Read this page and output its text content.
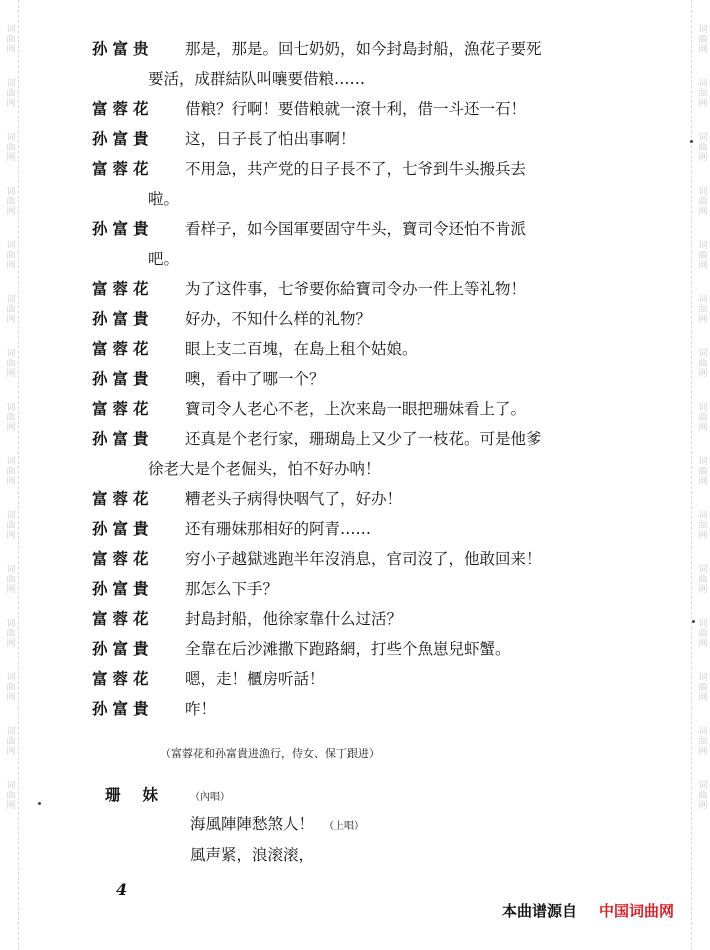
词曲网
词曲网
词曲网
词曲网
词曲网
词曲网
词曲网
词曲网
词曲网
词曲网
词曲网
词曲网
词曲网
词曲网
词曲网
词曲网
词曲网
词曲网
词曲网
词曲网
词曲网
词曲网
词曲网
词曲网
词曲网
词曲网
词曲网
词曲网
词曲网
词曲网
孙富贵	那是，那是。回七奶奶，如今封島封船，漁花子要死
要活，成群結队叫嚷要借粮……
富蓉花	借粮？行啊！要借粮就一滾十利，借一斗还一石！
孙富貴	这，日子長了怕出事啊！
富蓉花	不用急，共产党的日子長不了，七爷到牛头搬兵去
啦。
孙富貴	看样子，如今国軍要固守牛头，寶司令还怕不肯派
吧。
富蓉花	为了这件事，七爷要你給寶司令办一件上等礼物！
孙富貴	好办，不知什么样的礼物？
富蓉花	眼上支二百塊，在島上租个姑娘。
孙富貴	噢，看中了哪一个？
富蓉花	寶司令人老心不老，上次来島一眼把珊妹看上了。
孙富貴	还真是个老行家，珊瑚島上又少了一枝花。可是他爹
徐老大是个老倔头，怕不好办呐！
富蓉花	糟老头子病得快咽气了，好办！
孙富貴	还有珊妹那相好的阿青……
富蓉花	穷小子越獄逃跑半年沒消息，官司沒了，他敢回来！
孙富貴	那怎么下手？
富蓉花	封島封船，他徐家靠什么过活？
孙富貴	全靠在后沙滩撒下跑路網，打些个魚崽兒虾蟹。
富蓉花	嗯，走！櫃房听話！
孙富貴	咋！
（富蓉花和孙富貴进漁行，侍女、保丁跟进）
珊妹 （內唱）
海風陣陣愁煞人！ （上唱）
風声紧，浪滚滚，
4
本曲谱源自 中国词曲网
